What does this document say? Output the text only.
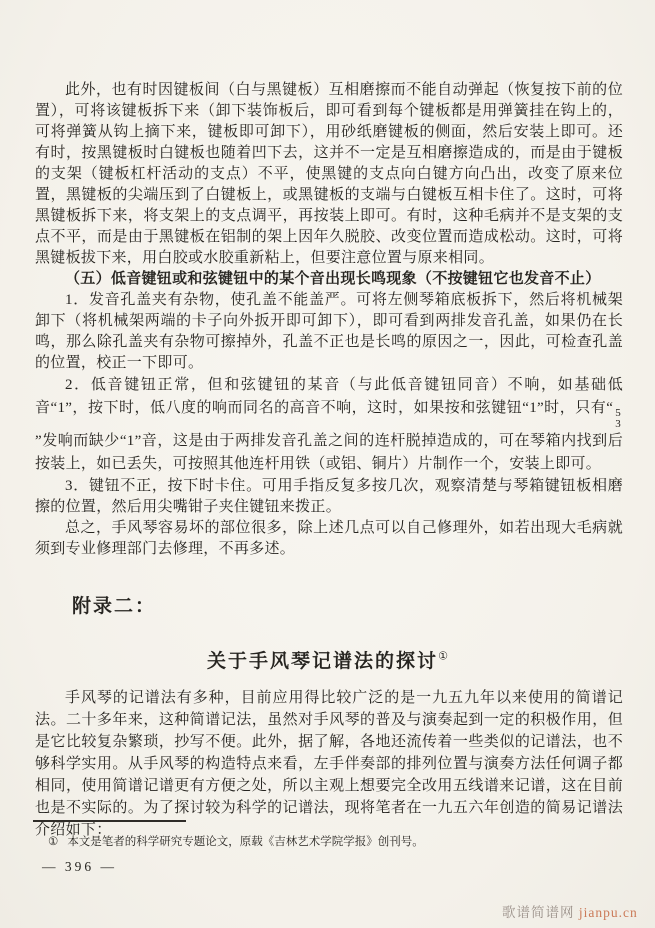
此外，也有时因键板间（白与黑键板）互相磨擦而不能自动弹起（恢复按下前的位置），可将该键板拆下来（卸下装饰板后，即可看到每个键板都是用弹簧挂在钩上的，可将弹簧从钩上摘下来，键板即可卸下），用砂纸磨键板的侧面，然后安装上即可。还有时，按黑键板时白键板也随着凹下去，这并不一定是互相磨擦造成的，而是由于键板的支架（键板杠杆活动的支点）不平，使黑键的支点向白键方向凸出，改变了原来位置，黑键板的尖端压到了白键板上，或黑键板的支端与白键板互相卡住了。这时，可将黑键板拆下来，将支架上的支点调平，再按装上即可。有时，这种毛病并不是支架的支点不平，而是由于黑键板在铝制的架上因年久脱胶、改变位置而造成松动。这时，可将黑键板拔下来，用白胶或水胶重新粘上，但要注意位置与原来相同。

（五）低音键钮或和弦键钮中的某个音出现长鸣现象（不按键钮它也发音不止）

1．发音孔盖夹有杂物，使孔盖不能盖严。可将左侧琴箱底板拆下，然后将机械架卸下（将机械架两端的卡子向外扳开即可卸下），即可看到两排发音孔盖，如果仍在长鸣，那么除孔盖夹有杂物可擦掉外，孔盖不正也是长鸣的原因之一，因此，可检查孔盖的位置，校正一下即可。

2．低音键钮正常，但和弦键钮的某音（与此低音键钮同音）不响，如基础低音“1”，按下时，低八度的响而同名的高音不响，这时，如果按和弦键钮“1”时，只有“ 5
3
”发响而缺少“1”音，这是由于两排发音孔盖之间的连杆脱掉造成的，可在琴箱内找到后按装上，如已丢失，可按照其他连杆用铁（或铝、铜片）片制作一个，安装上即可。

3．键钮不正，按下时卡住。可用手指反复多按几次，观察清楚与琴箱键钮板相磨擦的位置，然后用尖嘴钳子夹住键钮来拨正。

总之，手风琴容易坏的部位很多，除上述几点可以自己修理外，如若出现大毛病就须到专业修理部门去修理，不再多述。

附录二：
关于手风琴记谱法的探讨①

手风琴的记谱法有多种，目前应用得比较广泛的是一九五九年以来使用的简谱记法。二十多年来，这种简谱记法，虽然对手风琴的普及与演奏起到一定的积极作用，但是它比较复杂繁琐，抄写不便。此外，据了解，各地还流传着一些类似的记谱法，也不够科学实用。从手风琴的构造特点来看，左手伴奏部的排列位置与演奏方法任何调子都相同，使用简谱记谱更有方便之处，所以主观上想要完全改用五线谱来记谱，这在目前也是不实际的。为了探讨较为科学的记谱法，现将笔者在一九五六年创造的简易记谱法介绍如下：

① 本文是笔者的科学研究专题论文，原载《吉林艺术学院学报》创刊号。

— 396 —
歌谱简谱网 jianpu.cn
